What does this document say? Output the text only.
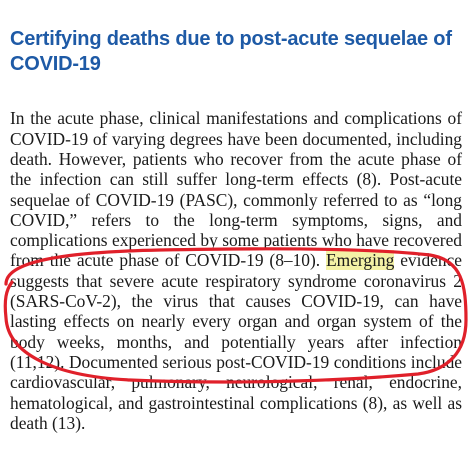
Certifying deaths due to post-acute sequelae of COVID-19

In the acute phase, clinical manifestations and complications of COVID-19 of varying degrees have been documented, including death. However, patients who recover from the acute phase of the infection can still suffer long-term effects (8). Post-acute sequelae of COVID-19 (PASC), commonly referred to as “long COVID,” refers to the long-term symptoms, signs, and complications experienced by some patients who have recovered from the acute phase of COVID-19 (8–10). Emerging evidence suggests that severe acute respiratory syndrome coronavirus 2 (SARS-CoV-2), the virus that causes COVID-19, can have lasting effects on nearly every organ and organ system of the body weeks, months, and potentially years after infection (11,12). Documented serious post-COVID-19 conditions include cardiovascular, pulmonary, neurological, renal, endocrine, hematological, and gastrointestinal complications (8), as well as death (13).
